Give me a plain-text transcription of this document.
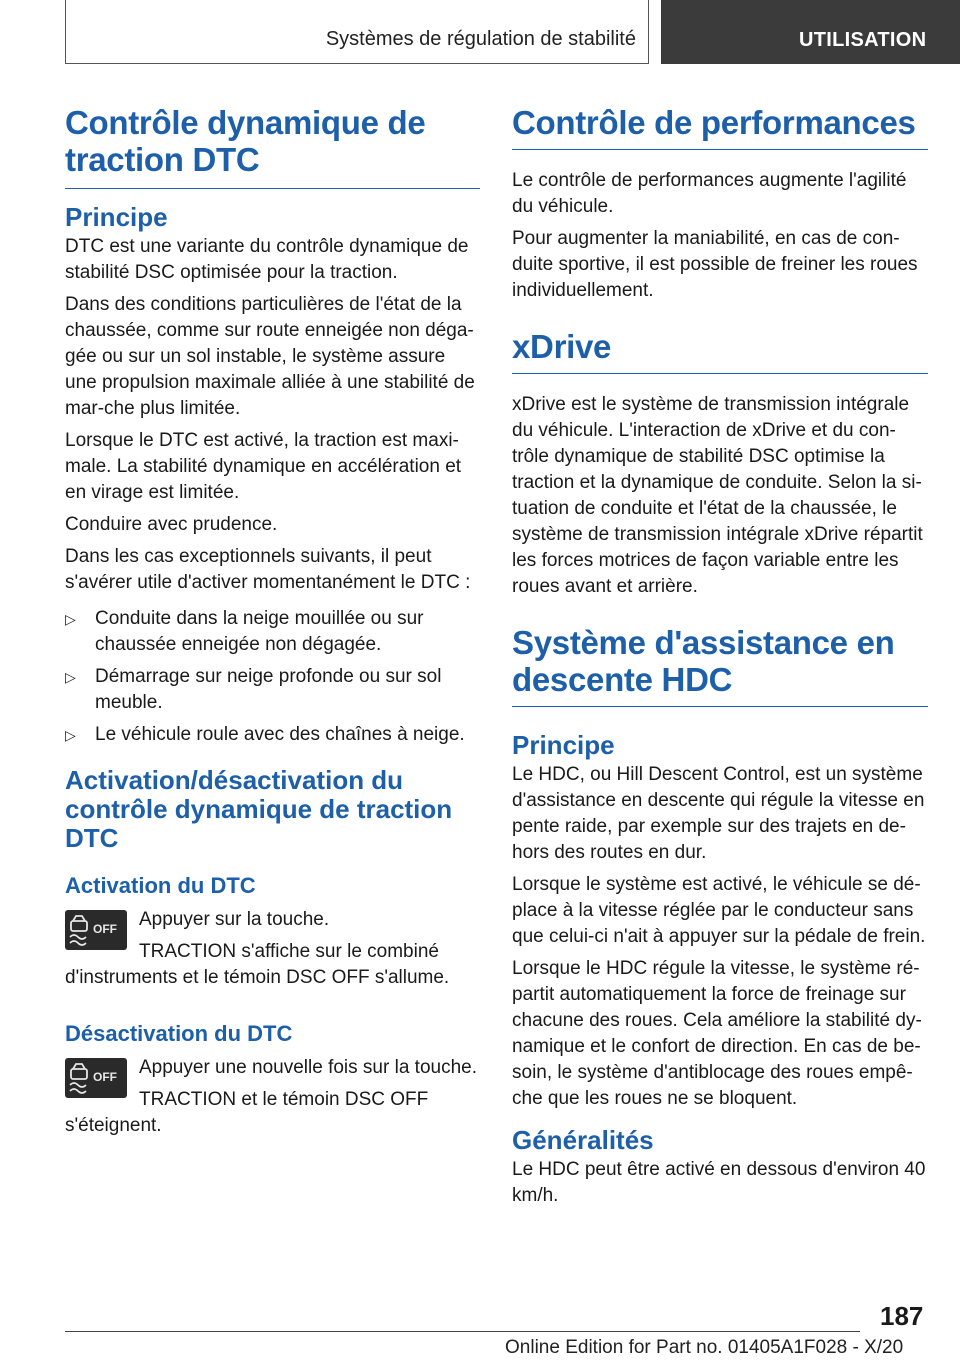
Systèmes de régulation de stabilité	UTILISATION
Contrôle dynamique de traction DTC
Principe

DTC est une variante du contrôle dynamique de stabilité DSC optimisée pour la traction.

Dans des conditions particulières de l'état de la chaussée, comme sur route enneigée non déga-gée ou sur un sol instable, le système assure une propulsion maximale alliée à une stabilité de mar-che plus limitée.

Lorsque le DTC est activé, la traction est maxi-male. La stabilité dynamique en accélération et en virage est limitée.

Conduire avec prudence.

Dans les cas exceptionnels suivants, il peut s'avérer utile d'activer momentanément le DTC :

▷ Conduite dans la neige mouillée ou sur chaussée enneigée non dégagée.
▷ Démarrage sur neige profonde ou sur sol meuble.
▷ Le véhicule roule avec des chaînes à neige.
Activation/désactivation du contrôle dynamique de traction DTC
Activation du DTC
OFF	Appuyer sur la touche.

TRACTION s'affiche sur le combiné d'instruments et le témoin DSC OFF s'allume.

Désactivation du DTC
OFF	Appuyer une nouvelle fois sur la touche.

TRACTION et le témoin DSC OFF s'éteignent.

Contrôle de performances

Le contrôle de performances augmente l'agilité du véhicule.

Pour augmenter la maniabilité, en cas de con-duite sportive, il est possible de freiner les roues individuellement.

xDrive

xDrive est le système de transmission intégrale du véhicule. L'interaction de xDrive et du con-trôle dynamique de stabilité DSC optimise la traction et la dynamique de conduite. Selon la si-tuation de conduite et l'état de la chaussée, le système de transmission intégrale xDrive répartit les forces motrices de façon variable entre les roues avant et arrière.

Système d'assistance en descente HDC
Principe

Le HDC, ou Hill Descent Control, est un système d'assistance en descente qui régule la vitesse en pente raide, par exemple sur des trajets en de-hors des routes en dur.

Lorsque le système est activé, le véhicule se dé-place à la vitesse réglée par le conducteur sans que celui-ci n'ait à appuyer sur la pédale de frein.

Lorsque le HDC régule la vitesse, le système ré-partit automatiquement la force de freinage sur chacune des roues. Cela améliore la stabilité dy-namique et le confort de direction. En cas de be-soin, le système d'antiblocage des roues empê-che que les roues ne se bloquent.

Généralités

Le HDC peut être activé en dessous d'environ 40 km/h.

187
Online Edition for Part no. 01405A1F028 - X/20
